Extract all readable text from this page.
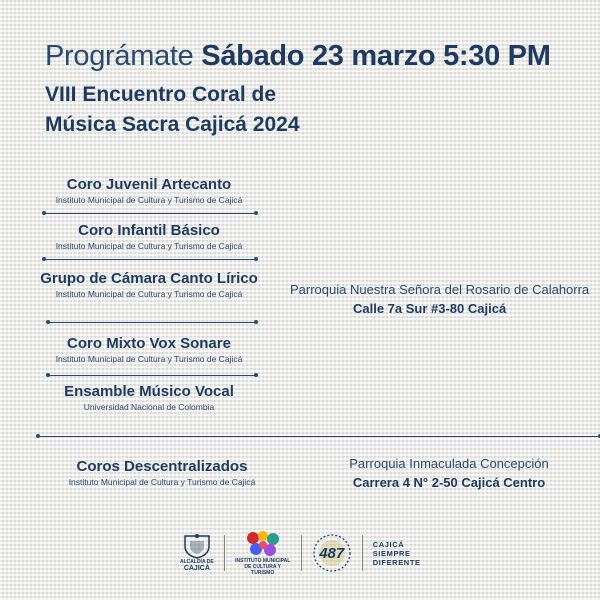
Prográmate Sábado 23 marzo 5:30 PM
VIII Encuentro Coral de
Música Sacra Cajicá 2024
Coro Juvenil Artecanto
Instituto Municipal de Cultura y Turismo de Cajicá
Coro Infantil Básico
Instituto Municipal de Cultura y Turismo de Cajicá
Grupo de Cámara Canto Lírico
Instituto Municipal de Cultura y Turismo de Cajicá
Coro Mixto Vox Sonare
Instituto Municipal de Cultura y Turismo de Cajicá
Ensamble Músico Vocal
Universidad Nacional de Colombia
Parroquia Nuestra Señora del Rosario de Calahorra
Calle 7a Sur #3-80 Cajicá
Coros Descentralizados
Instituto Municipal de Cultura y Turismo de Cajicá
Parroquia Inmaculada Concepción
Carrera 4 N° 2-50 Cajicá Centro
ALCALDÍA DE
CAJICÁ
INSTITUTO MUNICIPAL DE CULTURA Y TURISMO
487
CAJICÁ
SIEMPRE
DIFERENTE
